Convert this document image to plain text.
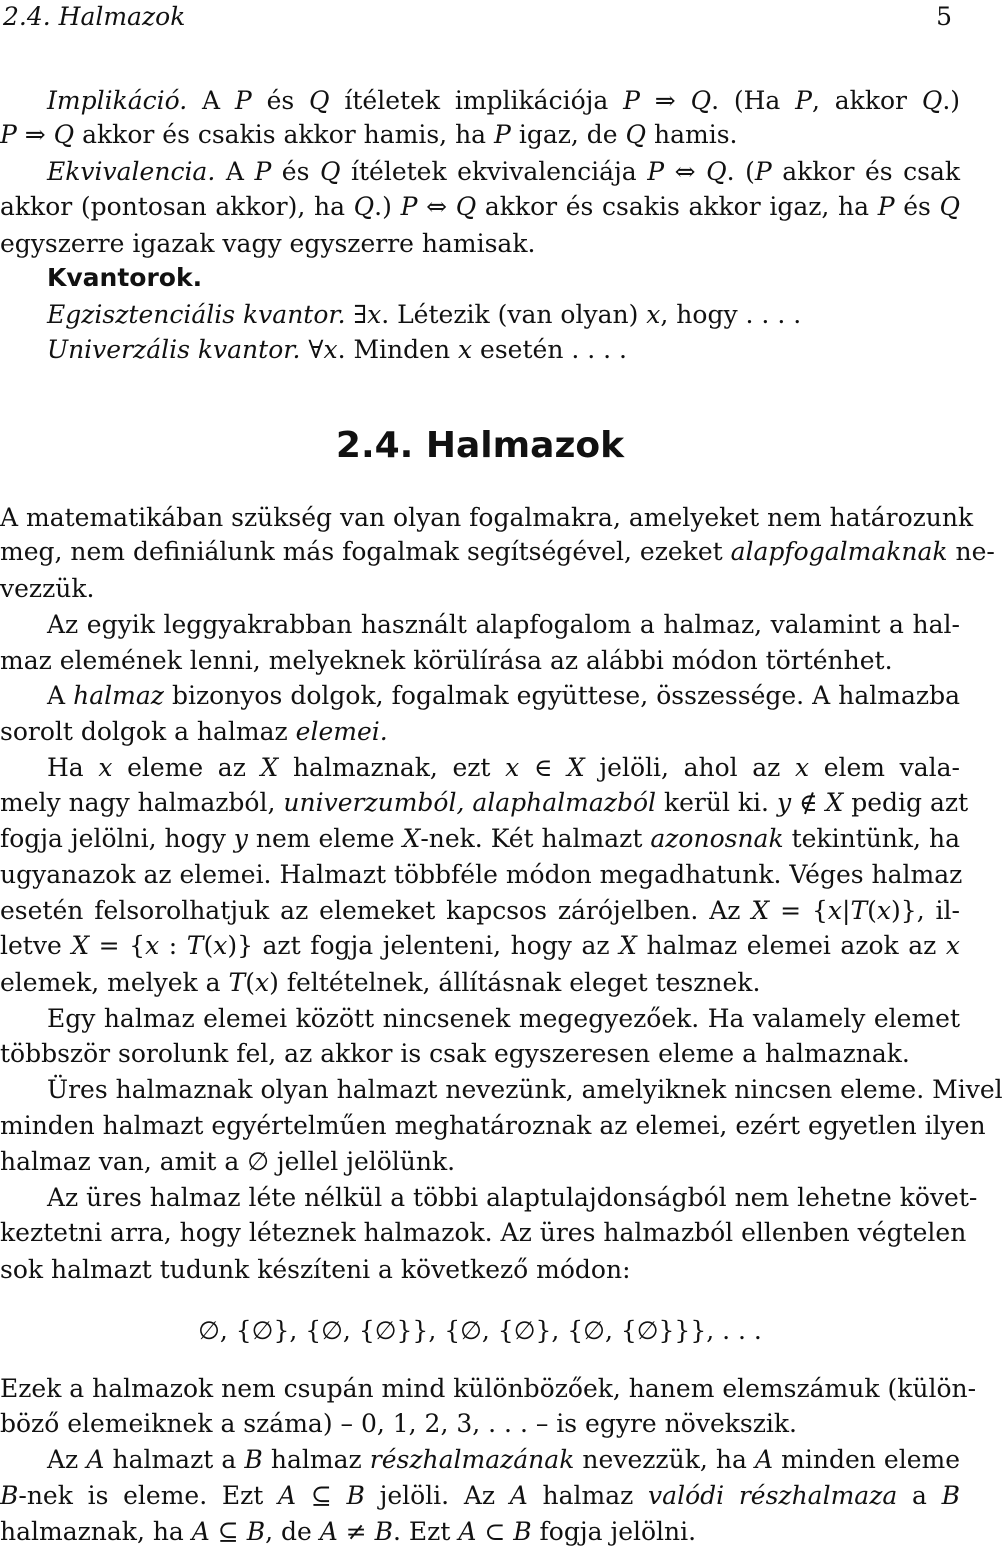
2.4. Halmazok	5
2.4. Halmazok
Implikáció. A P és Q ítéletek implikációja P ⇒ Q. (Ha P, akkor Q.)
P ⇒ Q akkor és csakis akkor hamis, ha P igaz, de Q hamis.
Ekvivalencia. A P és Q ítéletek ekvivalenciája P ⇔ Q. (P akkor és csak
akkor (pontosan akkor), ha Q.) P ⇔ Q akkor és csakis akkor igaz, ha P és Q
egyszerre igazak vagy egyszerre hamisak.
Kvantorok.
Egzisztenciális kvantor. ∃x. Létezik (van olyan) x, hogy . . . .
Univerzális kvantor. ∀x. Minden x esetén . . . .
A matematikában szükség van olyan fogalmakra, amelyeket nem határozunk
meg, nem definiálunk más fogalmak segítségével, ezeket alapfogalmaknak ne-
vezzük.
Az egyik leggyakrabban használt alapfogalom a halmaz, valamint a hal-
maz elemének lenni, melyeknek körülírása az alábbi módon történhet.
A halmaz bizonyos dolgok, fogalmak együttese, összessége. A halmazba
sorolt dolgok a halmaz elemei.
Ha x eleme az X halmaznak, ezt x ∈ X jelöli, ahol az x elem vala-
mely nagy halmazból, univerzumból, alaphalmazból kerül ki. y ∉ X pedig azt
fogja jelölni, hogy y nem eleme X-nek. Két halmazt azonosnak tekintünk, ha
ugyanazok az elemei. Halmazt többféle módon megadhatunk. Véges halmaz
esetén felsorolhatjuk az elemeket kapcsos zárójelben. Az X = {x|T(x)}, il-
letve X = {x : T(x)} azt fogja jelenteni, hogy az X halmaz elemei azok az x
elemek, melyek a T(x) feltételnek, állításnak eleget tesznek.
Egy halmaz elemei között nincsenek megegyezőek. Ha valamely elemet
többször sorolunk fel, az akkor is csak egyszeresen eleme a halmaznak.
Üres halmaznak olyan halmazt nevezünk, amelyiknek nincsen eleme. Mivel
minden halmazt egyértelműen meghatároznak az elemei, ezért egyetlen ilyen
halmaz van, amit a ∅ jellel jelölünk.
Az üres halmaz léte nélkül a többi alaptulajdonságból nem lehetne követ-
keztetni arra, hogy léteznek halmazok. Az üres halmazból ellenben végtelen
sok halmazt tudunk készíteni a következő módon:
∅, {∅}, {∅, {∅}}, {∅, {∅}, {∅, {∅}}}, . . .
Ezek a halmazok nem csupán mind különbözőek, hanem elemszámuk (külön-
böző elemeiknek a száma) – 0, 1, 2, 3, . . . – is egyre növekszik.
Az A halmazt a B halmaz részhalmazának nevezzük, ha A minden eleme
B-nek is eleme. Ezt A ⊆ B jelöli. Az A halmaz valódi részhalmaza a B
halmaznak, ha A ⊆ B, de A ≠ B. Ezt A ⊂ B fogja jelölni.
